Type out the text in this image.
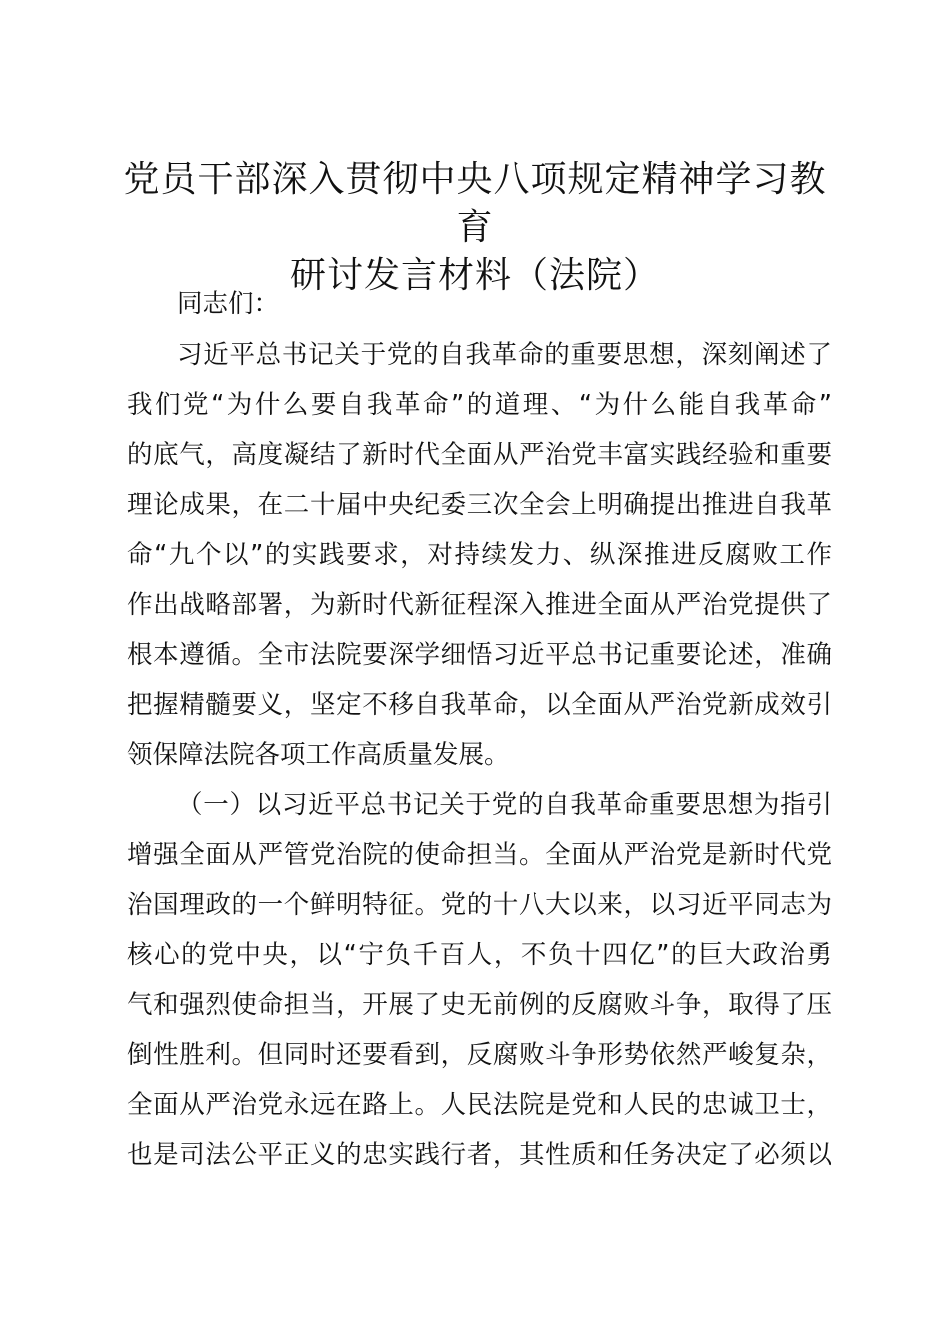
党员干部深入贯彻中央八项规定精神学习教育
研讨发言材料（法院）

同志们：

习近平总书记关于党的自我革命的重要思想，深刻阐述了

我们党“为什么要自我革命”的道理、“为什么能自我革命”

的底气，高度凝结了新时代全面从严治党丰富实践经验和重要

理论成果，在二十届中央纪委三次全会上明确提出推进自我革

命“九个以”的实践要求，对持续发力、纵深推进反腐败工作

作出战略部署，为新时代新征程深入推进全面从严治党提供了

根本遵循。全市法院要深学细悟习近平总书记重要论述，准确

把握精髓要义，坚定不移自我革命，以全面从严治党新成效引

领保障法院各项工作高质量发展。

（一）以习近平总书记关于党的自我革命重要思想为指引

增强全面从严管党治院的使命担当。全面从严治党是新时代党

治国理政的一个鲜明特征。党的十八大以来，以习近平同志为

核心的党中央，以“宁负千百人，不负十四亿”的巨大政治勇

气和强烈使命担当，开展了史无前例的反腐败斗争，取得了压

倒性胜利。但同时还要看到，反腐败斗争形势依然严峻复杂，

全面从严治党永远在路上。人民法院是党和人民的忠诚卫士，

也是司法公平正义的忠实践行者，其性质和任务决定了必须以
